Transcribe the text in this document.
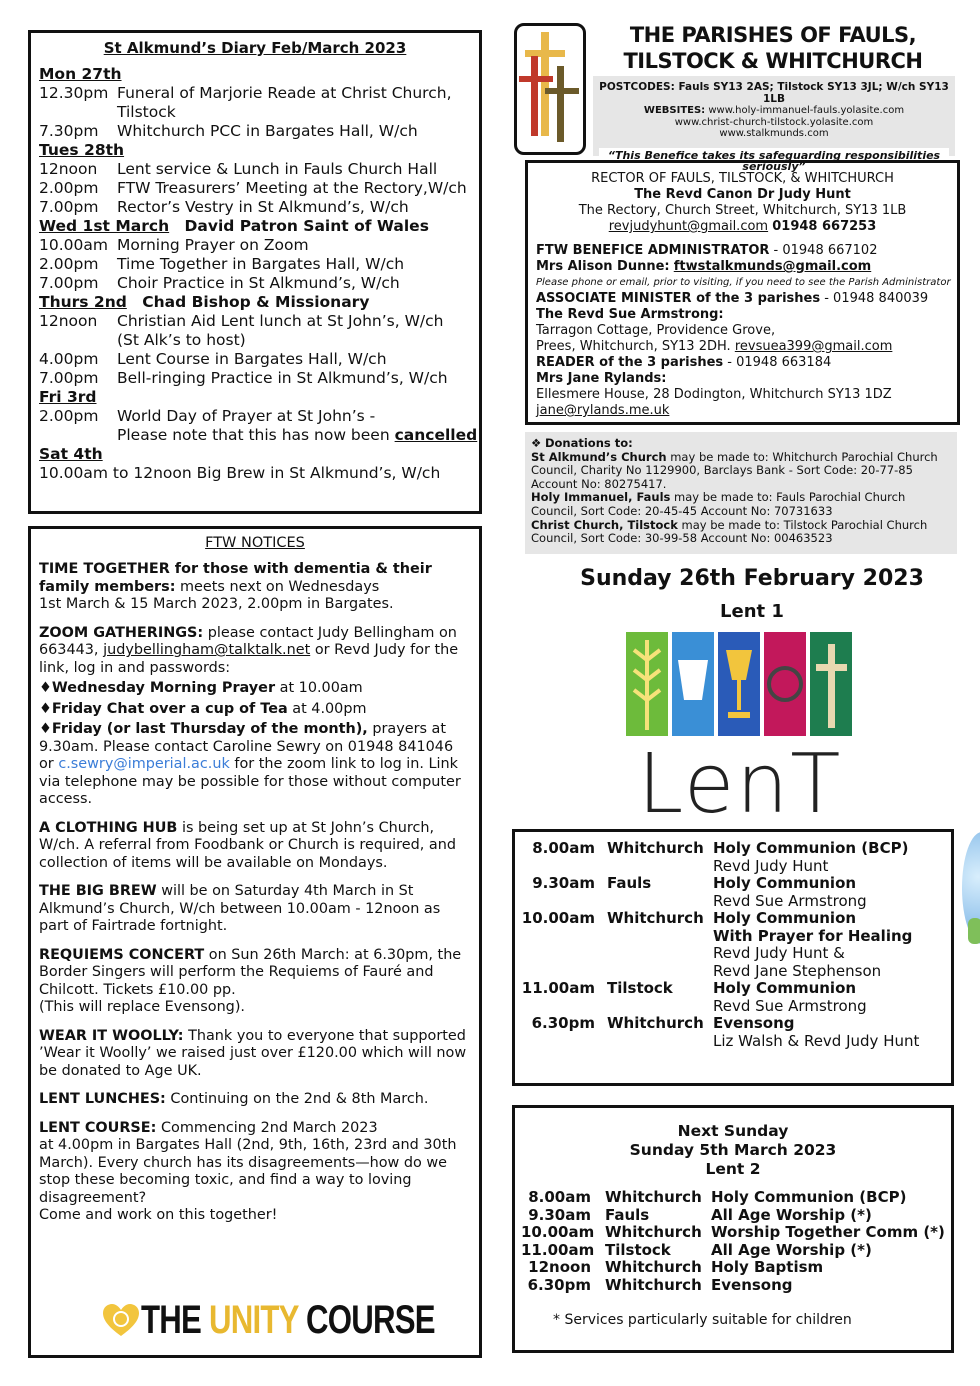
St Alkmund’s Diary Feb/March 2023
Mon 27th
12.30pm Funeral of Marjorie Reade at Christ Church,
Tilstock
7.30pm	Whitchurch PCC in Bargates Hall, W/ch
Tues 28th
12noon	Lent service & Lunch in Fauls Church Hall
2.00pm	FTW Treasurers’ Meeting at the Rectory,W/ch
7.00pm	Rector’s Vestry in St Alkmund’s, W/ch
Wed 1st March David Patron Saint of Wales
10.00am Morning Prayer on Zoom
2.00pm	Time Together in Bargates Hall, W/ch
7.00pm	Choir Practice in St Alkmund’s, W/ch
Thurs 2nd Chad Bishop & Missionary
12noon	Christian Aid Lent lunch at St John’s, W/ch
(St Alk’s to host)
4.00pm	Lent Course in Bargates Hall, W/ch
7.00pm	Bell-ringing Practice in St Alkmund’s, W/ch
Fri 3rd
2.00pm	World Day of Prayer at St John’s -
Please note that this has now been cancelled
Sat 4th
10.00am to 12noon Big Brew in St Alkmund’s, W/ch
FTW NOTICES

TIME TOGETHER for those with dementia & their family members: meets next on Wednesdays
1st March & 15 March 2023, 2.00pm in Bargates.

ZOOM GATHERINGS: please contact Judy Bellingham on 663443, judybellingham@talktalk.net or Revd Judy for the link, log in and passwords:

♦Wednesday Morning Prayer at 10.00am

♦Friday Chat over a cup of Tea at 4.00pm

♦Friday (or last Thursday of the month), prayers at 9.30am. Please contact Caroline Sewry on 01948 841046 or c.sewry@imperial.ac.uk for the zoom link to log in. Link via telephone may be possible for those without computer access.

A CLOTHING HUB is being set up at St John’s Church, W/ch. A referral from Foodbank or Church is required, and collection of items will be available on Mondays.

THE BIG BREW will be on Saturday 4th March in St Alkmund’s Church, W/ch between 10.00am - 12noon as part of Fairtrade fortnight.

REQUIEMS CONCERT on Sun 26th March: at 6.30pm, the Border Singers will perform the Requiems of Fauré and Chilcott. Tickets £10.00 pp.
(This will replace Evensong).

WEAR IT WOOLLY: Thank you to everyone that supported ’Wear it Woolly’ we raised just over £120.00 which will now be donated to Age UK.

LENT LUNCHES: Continuing on the 2nd & 8th March.

LENT COURSE: Commencing 2nd March 2023
at 4.00pm in Bargates Hall (2nd, 9th, 16th, 23rd and 30th March). Every church has its disagreements—how do we stop these becoming toxic, and find a way to loving disagreement?
Come and work on this together!

THE UNITY COURSE
THE PARISHES OF FAULS,
TILSTOCK & WHITCHURCH
POSTCODES: Fauls SY13 2AS; Tilstock SY13 3JL; W/ch SY13 1LB
WEBSITES: www.holy-immanuel-fauls.yolasite.com
www.christ-church-tilstock.yolasite.com
www.stalkmunds.com
“This Benefice takes its safeguarding responsibilities seriously”
RECTOR OF FAULS, TILSTOCK, & WHITCHURCH
The Revd Canon Dr Judy Hunt
The Rectory, Church Street, Whitchurch, SY13 1LB
revjudyhunt@gmail.com 01948 667253
FTW BENEFICE ADMINISTRATOR - 01948 667102
Mrs Alison Dunne: ftwstalkmunds@gmail.com
Please phone or email, prior to visiting, if you need to see the Parish Administrator
ASSOCIATE MINISTER of the 3 parishes - 01948 840039
The Revd Sue Armstrong:
Tarragon Cottage, Providence Grove,
Prees, Whitchurch, SY13 2DH. revsuea399@gmail.com
READER of the 3 parishes - 01948 663184
Mrs Jane Rylands:
Ellesmere House, 28 Dodington, Whitchurch SY13 1DZ
jane@rylands.me.uk
❖ Donations to:
St Alkmund’s Church may be made to: Whitchurch Parochial Church Council, Charity No 1129900, Barclays Bank - Sort Code: 20-77-85 Account No: 80275417.
Holy Immanuel, Fauls may be made to: Fauls Parochial Church Council, Sort Code: 20-45-45 Account No: 70731633
Christ Church, Tilstock may be made to: Tilstock Parochial Church Council, Sort Code: 30-99-58 Account No: 00463523
Sunday 26th February 2023
Lent 1
LenT
8.00am Whitchurch Holy Communion (BCP)
Revd Judy Hunt
9.30am Fauls	Holy Communion
Revd Sue Armstrong
10.00am Whitchurch Holy Communion
With Prayer for Healing
Revd Judy Hunt &
Revd Jane Stephenson
11.00am Tilstock	Holy Communion
Revd Sue Armstrong
6.30pm Whitchurch Evensong
Liz Walsh & Revd Judy Hunt
Next Sunday
Sunday 5th March 2023
Lent 2
8.00am Whitchurch Holy Communion (BCP)
9.30am Fauls	All Age Worship (*)
10.00am Whitchurch Worship Together Comm (*)
11.00am Tilstock	All Age Worship (*)
12noon Whitchurch Holy Baptism
6.30pm Whitchurch Evensong
* Services particularly suitable for children
